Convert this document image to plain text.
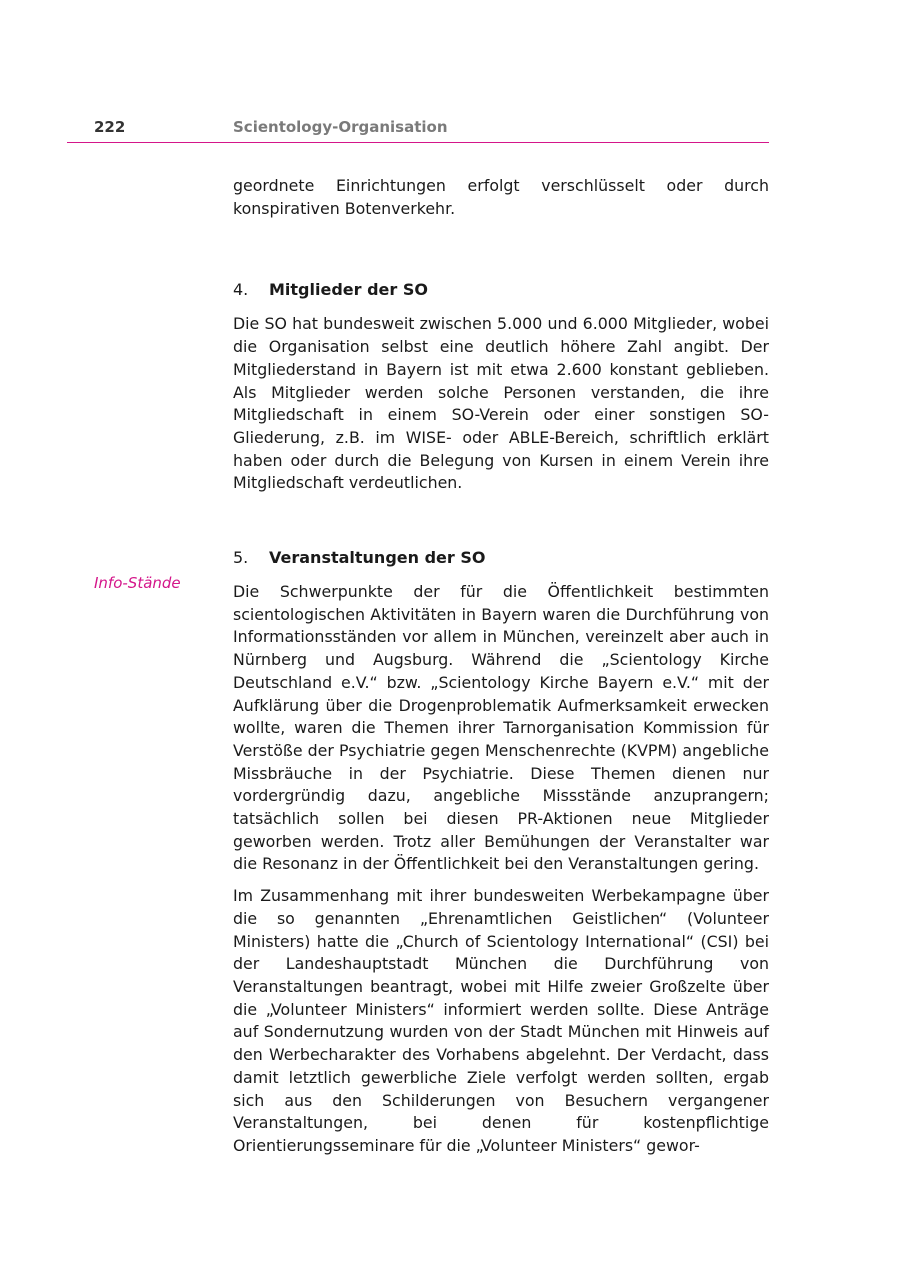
222	Scientology-Organisation
Info-Stände

geordnete Einrichtungen erfolgt verschlüsselt oder durch konspirativen Botenverkehr.

4.	Mitglieder der SO

Die SO hat bundesweit zwischen 5.000 und 6.000 Mitglieder, wobei die Organisation selbst eine deutlich höhere Zahl angibt. Der Mitgliederstand in Bayern ist mit etwa 2.600 konstant geblieben. Als Mitglieder werden solche Personen verstanden, die ihre Mitgliedschaft in einem SO-Verein oder einer sonstigen SO-Gliederung, z.B. im WISE- oder ABLE-Bereich, schriftlich erklärt haben oder durch die Belegung von Kursen in einem Verein ihre Mitgliedschaft verdeutlichen.

5.	Veranstaltungen der SO

Die Schwerpunkte der für die Öffentlichkeit bestimmten scientologischen Aktivitäten in Bayern waren die Durchführung von Informationsständen vor allem in München, vereinzelt aber auch in Nürnberg und Augsburg. Während die „Scientology Kirche Deutschland e.V.“ bzw. „Scientology Kirche Bayern e.V.“ mit der Aufklärung über die Drogenproblematik Aufmerksamkeit erwecken wollte, waren die Themen ihrer Tarnorganisation Kommission für Verstöße der Psychiatrie gegen Menschenrechte (KVPM) angebliche Missbräuche in der Psychiatrie. Diese Themen dienen nur vordergründig dazu, angebliche Missstände anzuprangern; tatsächlich sollen bei diesen PR-Aktionen neue Mitglieder geworben werden. Trotz aller Bemühungen der Veranstalter war die Resonanz in der Öffentlichkeit bei den Veranstaltungen gering.

Im Zusammenhang mit ihrer bundesweiten Werbekampagne über die so genannten „Ehrenamtlichen Geistlichen“ (Volunteer Ministers) hatte die „Church of Scientology International“ (CSI) bei der Landeshauptstadt München die Durchführung von Veranstaltungen beantragt, wobei mit Hilfe zweier Großzelte über die „Volunteer Ministers“ informiert werden sollte. Diese Anträge auf Sondernutzung wurden von der Stadt München mit Hinweis auf den Werbecharakter des Vorhabens abgelehnt. Der Verdacht, dass damit letztlich gewerbliche Ziele verfolgt werden sollten, ergab sich aus den Schilderungen von Besuchern vergangener Veranstaltungen, bei denen für kostenpflichtige Orientierungsseminare für die „Volunteer Ministers“ gewor-
